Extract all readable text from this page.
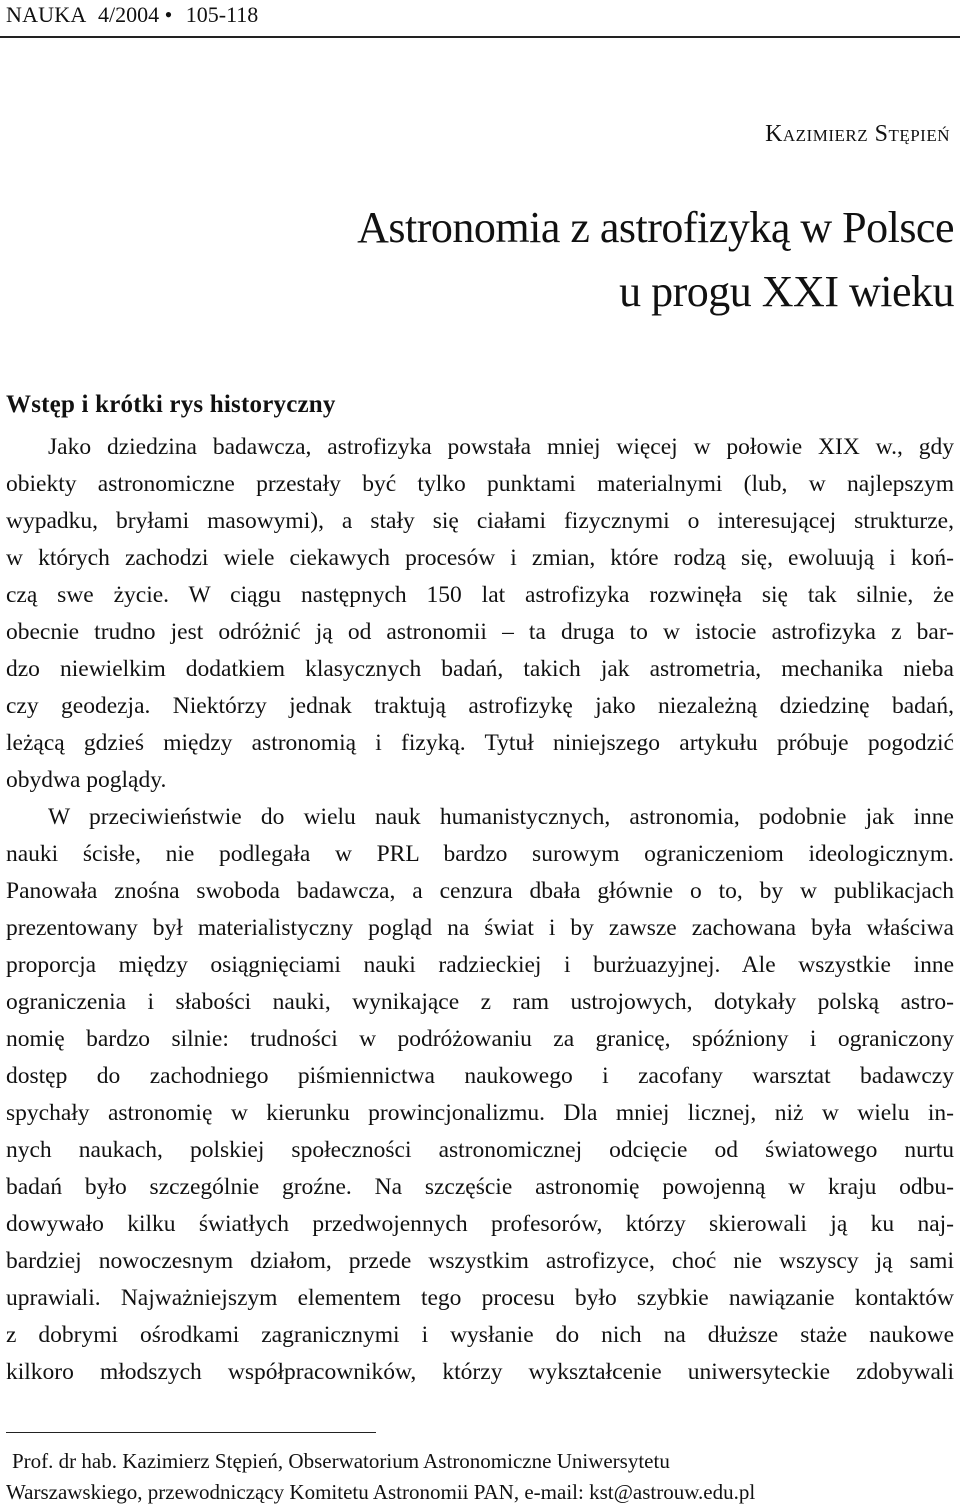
NAUKA 4/2004 • 105-118
Kazimierz Stępień
Astronomia z astrofizyką w Polsce
u progu XXI wieku
Wstęp i krótki rys historyczny
Jako dziedzina badawcza, astrofizyka powstała mniej więcej w połowie XIX w., gdy
obiekty astronomiczne przestały być tylko punktami materialnymi (lub, w najlepszym
wypadku, bryłami masowymi), a stały się ciałami fizycznymi o interesującej strukturze,
w których zachodzi wiele ciekawych procesów i zmian, które rodzą się, ewoluują i koń-
czą swe życie. W ciągu następnych 150 lat astrofizyka rozwinęła się tak silnie, że
obecnie trudno jest odróżnić ją od astronomii – ta druga to w istocie astrofizyka z bar-
dzo niewielkim dodatkiem klasycznych badań, takich jak astrometria, mechanika nieba
czy geodezja. Niektórzy jednak traktują astrofizykę jako niezależną dziedzinę badań,
leżącą gdzieś między astronomią i fizyką. Tytuł niniejszego artykułu próbuje pogodzić
obydwa poglądy.
W przeciwieństwie do wielu nauk humanistycznych, astronomia, podobnie jak inne
nauki ścisłe, nie podlegała w PRL bardzo surowym ograniczeniom ideologicznym.
Panowała znośna swoboda badawcza, a cenzura dbała głównie o to, by w publikacjach
prezentowany był materialistyczny pogląd na świat i by zawsze zachowana była właściwa
proporcja między osiągnięciami nauki radzieckiej i burżuazyjnej. Ale wszystkie inne
ograniczenia i słabości nauki, wynikające z ram ustrojowych, dotykały polską astro-
nomię bardzo silnie: trudności w podróżowaniu za granicę, spóźniony i ograniczony
dostęp do zachodniego piśmiennictwa naukowego i zacofany warsztat badawczy
spychały astronomię w kierunku prowincjonalizmu. Dla mniej licznej, niż w wielu in-
nych naukach, polskiej społeczności astronomicznej odcięcie od światowego nurtu
badań było szczególnie groźne. Na szczęście astronomię powojenną w kraju odbu-
dowywało kilku światłych przedwojennych profesorów, którzy skierowali ją ku naj-
bardziej nowoczesnym działom, przede wszystkim astrofizyce, choć nie wszyscy ją sami
uprawiali. Najważniejszym elementem tego procesu było szybkie nawiązanie kontaktów
z dobrymi ośrodkami zagranicznymi i wysłanie do nich na dłuższe staże naukowe
kilkoro młodszych współpracowników, którzy wykształcenie uniwersyteckie zdobywali
Prof. dr hab. Kazimierz Stępień, Obserwatorium Astronomiczne Uniwersytetu
Warszawskiego, przewodniczący Komitetu Astronomii PAN, e-mail: kst@astrouw.edu.pl
